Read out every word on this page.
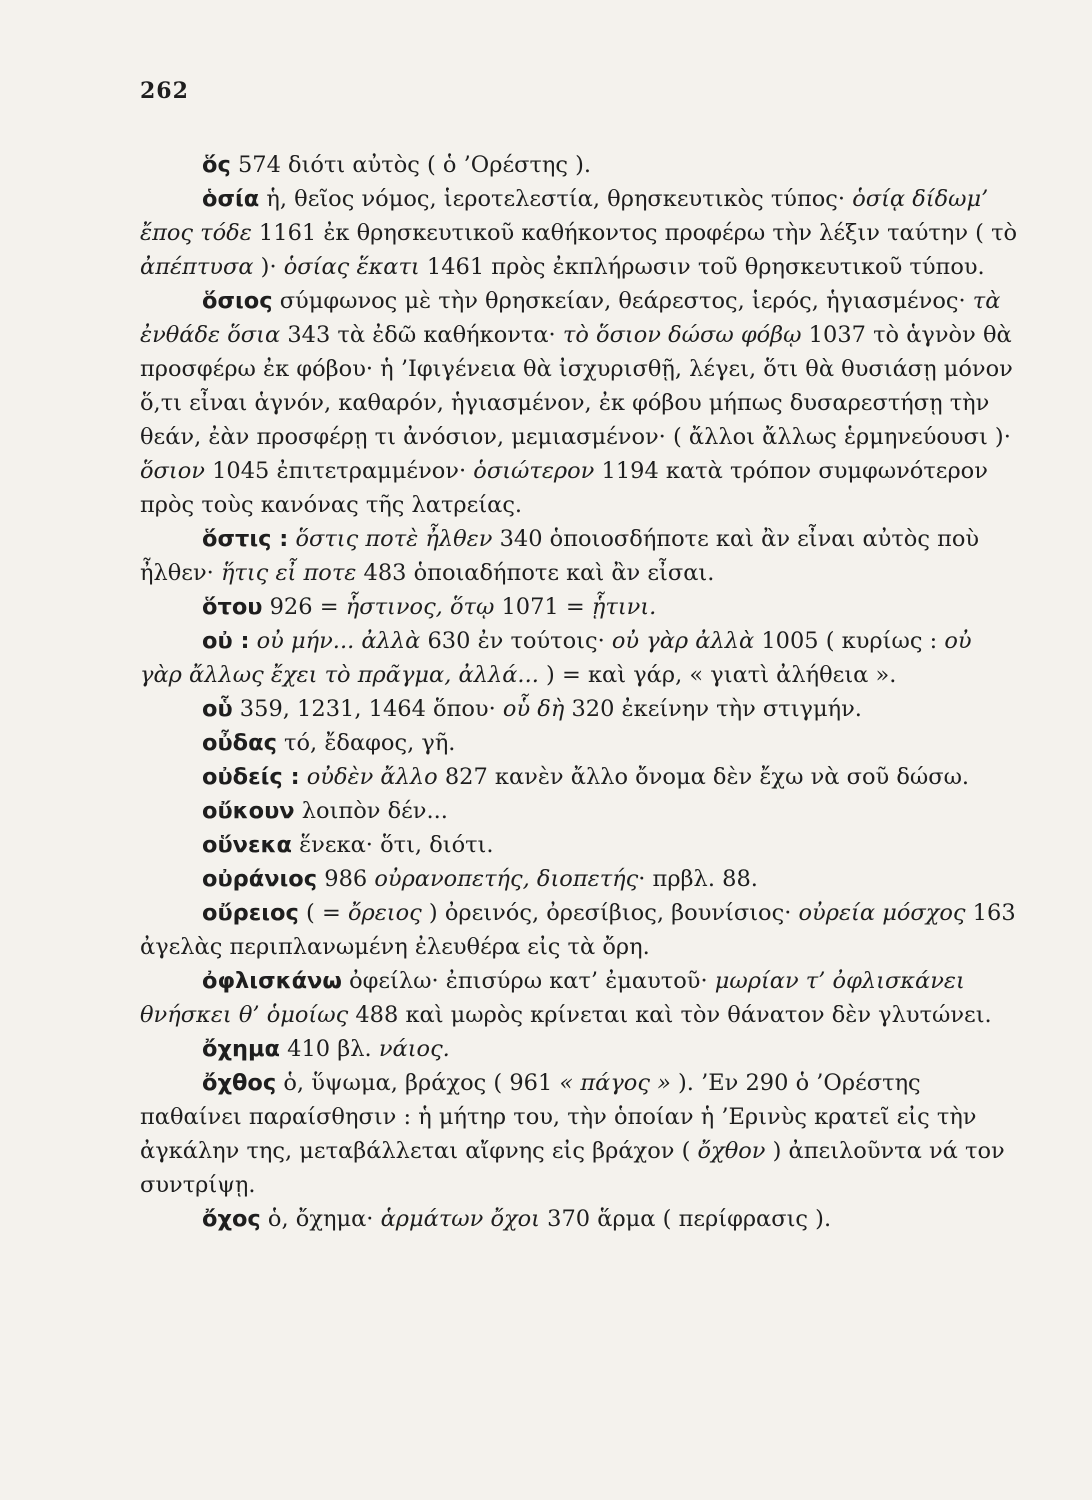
262

ὅς 574 διότι αὐτὸς ( ὁ ’Ορέστης ).

ὁσία ἡ, θεῖος νόμος, ἱεροτελεστία, θρησκευτικὸς τύπος· ὁσίᾳ δίδωμ’ ἔπος τόδε 1161 ἐκ θρησκευτικοῦ καθήκοντος προφέρω τὴν λέξιν ταύτην ( τὸ ἀπέπτυσα )· ὁσίας ἕκατι 1461 πρὸς ἐκπλήρωσιν τοῦ θρησκευτικοῦ τύπου.

ὅσιος σύμφωνος μὲ τὴν θρησκείαν, θεάρεστος, ἱερός, ἡγιασμένος· τὰ ἐνθάδε ὅσια 343 τὰ ἐδῶ καθήκοντα· τὸ ὅσιον δώσω φόβῳ 1037 τὸ ἁγνὸν θὰ προσφέρω ἐκ φόβου· ἡ ’Ιφιγένεια θὰ ἰσχυρισθῇ, λέγει, ὅτι θὰ θυσιάσῃ μόνον ὅ,τι εἶναι ἁγνόν, καθαρόν, ἡγιασμένον, ἐκ φόβου μήπως δυσαρεστήσῃ τὴν θεάν, ἐὰν προσφέρῃ τι ἀνόσιον, μεμιασμένον· ( ἄλλοι ἄλλως ἑρμηνεύουσι )· ὅσιον 1045 ἐπιτετραμμένον· ὁσιώτερον 1194 κατὰ τρόπον συμφωνότερον πρὸς τοὺς κανόνας τῆς λατρείας.

ὅστις : ὅστις ποτὲ ἦλθεν 340 ὁποιοσδήποτε καὶ ἂν εἶναι αὐτὸς ποὺ ἦλθεν· ἥτις εἶ ποτε 483 ὁποιαδήποτε καὶ ἂν εἶσαι.

ὅτου 926 = ἧστινος, ὅτῳ 1071 = ᾗτινι.

οὐ : οὐ μήν... ἀλλὰ 630 ἐν τούτοις· οὐ γὰρ ἀλλὰ 1005 ( κυρίως : οὐ γὰρ ἄλλως ἔχει τὸ πρᾶγμα, ἀλλά... ) = καὶ γάρ, « γιατὶ ἀλήθεια ».

οὗ 359, 1231, 1464 ὅπου· οὗ δὴ 320 ἐκείνην τὴν στιγμήν.

οὖδας τό, ἔδαφος, γῆ.

οὐδείς : οὐδὲν ἄλλο 827 κανὲν ἄλλο ὄνομα δὲν ἔχω νὰ σοῦ δώσω.

οὔκουν λοιπὸν δέν...

οὕνεκα ἕνεκα· ὅτι, διότι.

οὐράνιος 986 οὐρανοπετής, διοπετής· πρβλ. 88.

οὔρειος ( = ὄρειος ) ὀρεινός, ὀρεσίβιος, βουνίσιος· οὐρεία μόσχος 163 ἀγελὰς περιπλανωμένη ἐλευθέρα εἰς τὰ ὄρη.

ὀφλισκάνω ὀφείλω· ἐπισύρω κατ’ ἐμαυτοῦ· μωρίαν τ’ ὀφλισκάνει θνήσκει θ’ ὁμοίως 488 καὶ μωρὸς κρίνεται καὶ τὸν θάνατον δὲν γλυτώνει.

ὄχημα 410 βλ. νάιος.

ὄχθος ὁ, ὕψωμα, βράχος ( 961 « πάγος » ). ’Εν 290 ὁ ’Ορέστης παθαίνει παραίσθησιν : ἡ μήτηρ του, τὴν ὁποίαν ἡ ’Ερινὺς κρατεῖ εἰς τὴν ἀγκάλην της, μεταβάλλεται αἴφνης εἰς βράχον ( ὄχθον ) ἀπειλοῦντα νά τον συντρίψῃ.

ὄχος ὁ, ὄχημα· ἁρμάτων ὄχοι 370 ἅρμα ( περίφρασις ).
